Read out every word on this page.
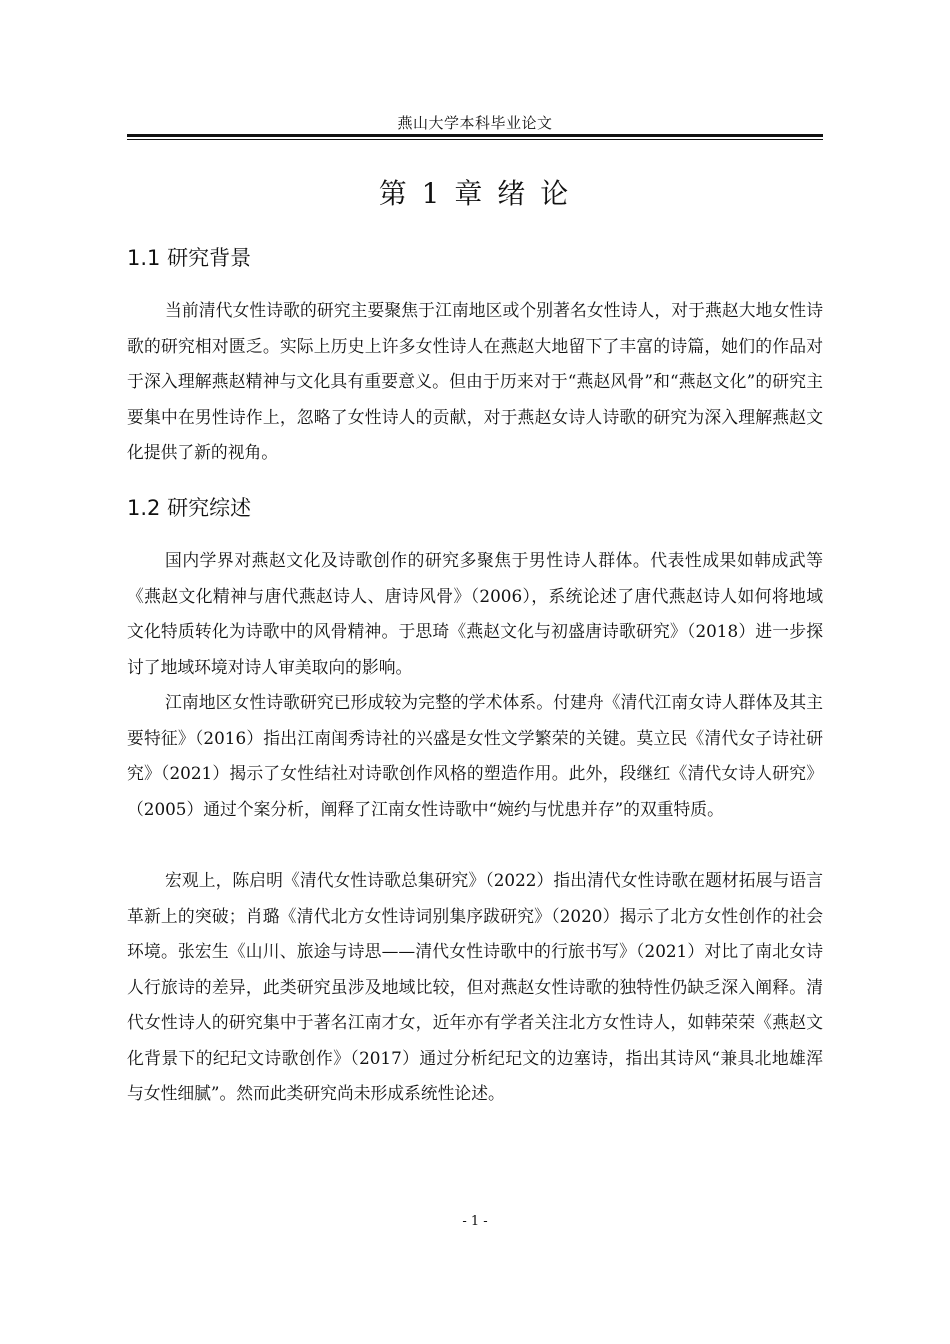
燕山大学本科毕业论文
第 1 章 绪 论
1.1 研究背景

当前清代女性诗歌的研究主要聚焦于江南地区或个别著名女性诗人，对于燕赵大地女性诗歌的研究相对匮乏。实际上历史上许多女性诗人在燕赵大地留下了丰富的诗篇，她们的作品对于深入理解燕赵精神与文化具有重要意义。但由于历来对于“燕赵风骨”和“燕赵文化”的研究主要集中在男性诗作上，忽略了女性诗人的贡献，对于燕赵女诗人诗歌的研究为深入理解燕赵文化提供了新的视角。

1.2 研究综述

国内学界对燕赵文化及诗歌创作的研究多聚焦于男性诗人群体。代表性成果如韩成武等《燕赵文化精神与唐代燕赵诗人、唐诗风骨》（2006），系统论述了唐代燕赵诗人如何将地域文化特质转化为诗歌中的风骨精神。于思琦《燕赵文化与初盛唐诗歌研究》（2018）进一步探讨了地域环境对诗人审美取向的影响。

江南地区女性诗歌研究已形成较为完整的学术体系。付建舟《清代江南女诗人群体及其主要特征》（2016）指出江南闺秀诗社的兴盛是女性文学繁荣的关键。莫立民《清代女子诗社研究》（2021）揭示了女性结社对诗歌创作风格的塑造作用。此外，段继红《清代女诗人研究》（2005）通过个案分析，阐释了江南女性诗歌中“婉约与忧患并存”的双重特质。

宏观上，陈启明《清代女性诗歌总集研究》（2022）指出清代女性诗歌在题材拓展与语言革新上的突破；肖璐《清代北方女性诗词别集序跋研究》（2020）揭示了北方女性创作的社会环境。张宏生《山川、旅途与诗思——清代女性诗歌中的行旅书写》（2021）对比了南北女诗人行旅诗的差异，此类研究虽涉及地域比较，但对燕赵女性诗歌的独特性仍缺乏深入阐释。清代女性诗人的研究集中于著名江南才女，近年亦有学者关注北方女性诗人，如韩荣荣《燕赵文化背景下的纪玘文诗歌创作》（2017）通过分析纪玘文的边塞诗，指出其诗风“兼具北地雄浑与女性细腻”。然而此类研究尚未形成系统性论述。

- 1 -
